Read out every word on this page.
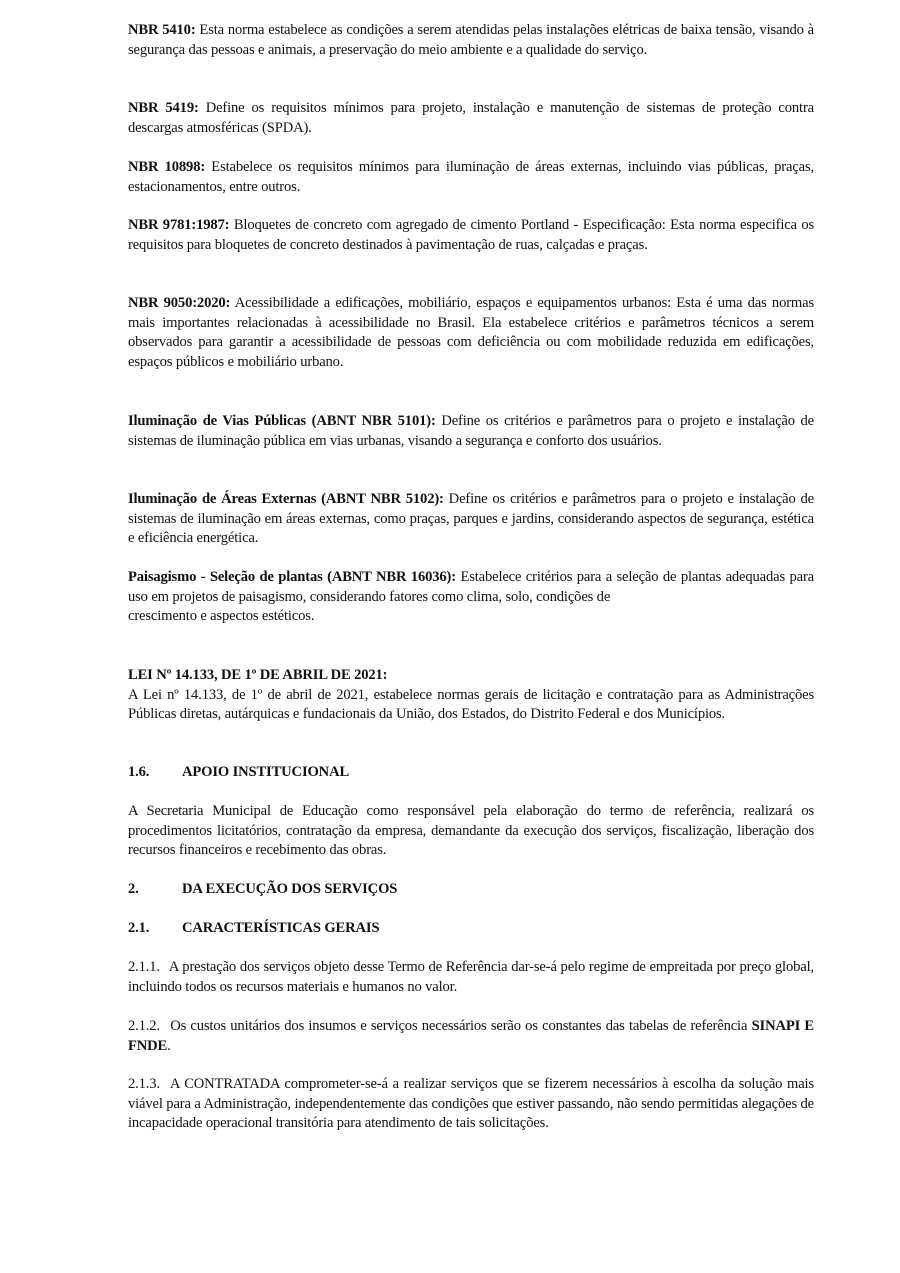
NBR 5410: Esta norma estabelece as condições a serem atendidas pelas instalações elétricas de baixa tensão, visando à segurança das pessoas e animais, a preservação do meio ambiente e a qualidade do serviço.
NBR 5419: Define os requisitos mínimos para projeto, instalação e manutenção de sistemas de proteção contra descargas atmosféricas (SPDA).
NBR 10898: Estabelece os requisitos mínimos para iluminação de áreas externas, incluindo vias públicas, praças, estacionamentos, entre outros.
NBR 9781:1987: Bloquetes de concreto com agregado de cimento Portland - Especificação: Esta norma especifica os requisitos para bloquetes de concreto destinados à pavimentação de ruas, calçadas e praças.
NBR 9050:2020: Acessibilidade a edificações, mobiliário, espaços e equipamentos urbanos: Esta é uma das normas mais importantes relacionadas à acessibilidade no Brasil. Ela estabelece critérios e parâmetros técnicos a serem observados para garantir a acessibilidade de pessoas com deficiência ou com mobilidade reduzida em edificações, espaços públicos e mobiliário urbano.
Iluminação de Vias Públicas (ABNT NBR 5101): Define os critérios e parâmetros para o projeto e instalação de sistemas de iluminação pública em vias urbanas, visando a segurança e conforto dos usuários.
Iluminação de Áreas Externas (ABNT NBR 5102): Define os critérios e parâmetros para o projeto e instalação de sistemas de iluminação em áreas externas, como praças, parques e jardins, considerando aspectos de segurança, estética e eficiência energética.
Paisagismo - Seleção de plantas (ABNT NBR 16036): Estabelece critérios para a seleção de plantas adequadas para uso em projetos de paisagismo, considerando fatores como clima, solo, condições de
crescimento e aspectos estéticos.
LEI Nº 14.133, DE 1º DE ABRIL DE 2021:
A Lei nº 14.133, de 1º de abril de 2021, estabelece normas gerais de licitação e contratação para as Administrações Públicas diretas, autárquicas e fundacionais da União, dos Estados, do Distrito Federal e dos Municípios.
1.6. APOIO INSTITUCIONAL
A Secretaria Municipal de Educação como responsável pela elaboração do termo de referência, realizará os procedimentos licitatórios, contratação da empresa, demandante da execução dos serviços, fiscalização, liberação dos recursos financeiros e recebimento das obras.
2.	DA EXECUÇÃO DOS SERVIÇOS
2.1. CARACTERÍSTICAS GERAIS
2.1.1. A prestação dos serviços objeto desse Termo de Referência dar-se-á pelo regime de empreitada por preço global, incluindo todos os recursos materiais e humanos no valor.
2.1.2. Os custos unitários dos insumos e serviços necessários serão os constantes das tabelas de referência SINAPI E FNDE.
2.1.3. A CONTRATADA comprometer-se-á a realizar serviços que se fizerem necessários à escolha da solução mais viável para a Administração, independentemente das condições que estiver passando, não sendo permitidas alegações de incapacidade operacional transitória para atendimento de tais solicitações.
